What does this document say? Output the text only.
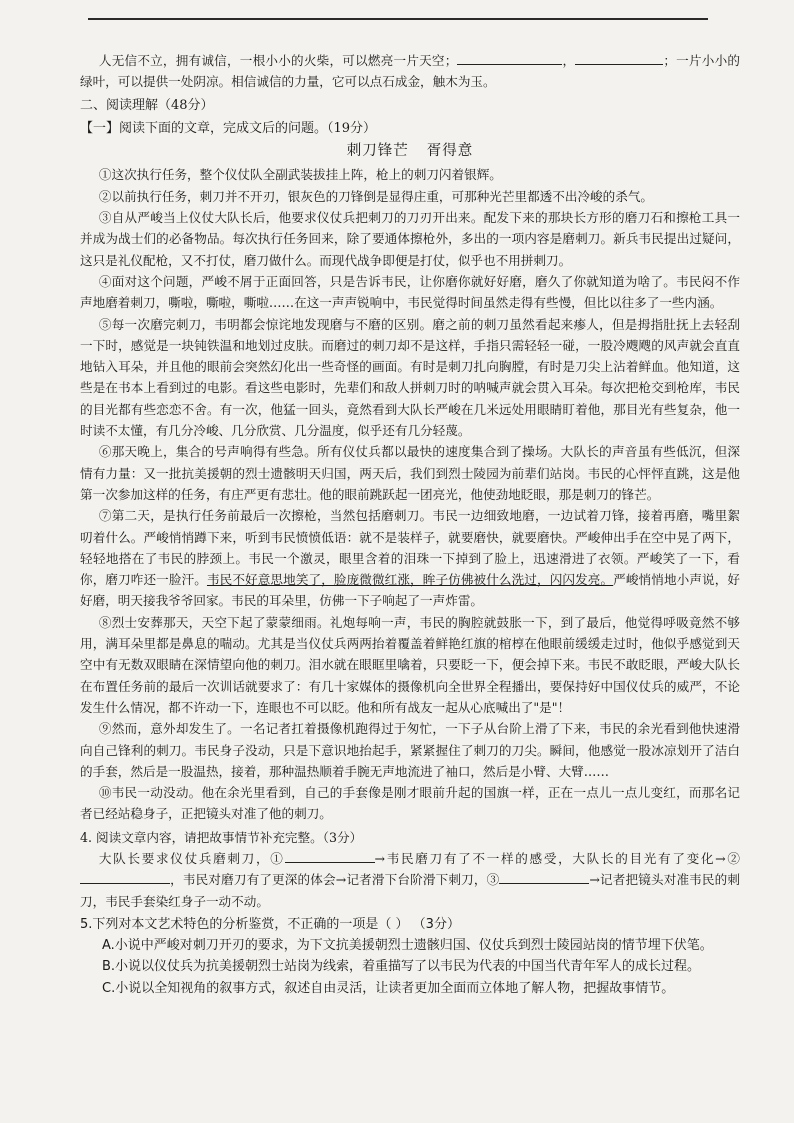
人无信不立，拥有诚信，一根小小的火柴，可以燃亮一片天空；	，	；一片小小的绿叶，可以提供一处阴凉。相信诚信的力量，它可以点石成金，触木为玉。

二、阅读理解（48分）

【一】阅读下面的文章，完成文后的问题。（19分）

刺刀锋芒 胥得意

①这次执行任务，整个仪仗队全副武装拔挂上阵，枪上的刺刀闪着银辉。

②以前执行任务，刺刀并不开刃，银灰色的刀锋倒是显得庄重，可那种光芒里都透不出冷峻的杀气。

③自从严峻当上仪仗大队长后，他要求仪仗兵把刺刀的刀刃开出来。配发下来的那块长方形的磨刀石和擦枪工具一并成为战士们的必备物品。每次执行任务回来，除了要通体擦枪外，多出的一项内容是磨刺刀。新兵韦民提出过疑问，这只是礼仪配枪，又不打仗，磨刀做什么。而现代战争即便是打仗，似乎也不用拼刺刀。

④面对这个问题，严峻不屑于正面回答，只是告诉韦民，让你磨你就好好磨，磨久了你就知道为啥了。韦民闷不作声地磨着刺刀，嘶啦，嘶啦，嘶啦……在这一声声锐响中，韦民觉得时间虽然走得有些慢，但比以往多了一些内涵。

⑤每一次磨完刺刀，韦明都会惊诧地发现磨与不磨的区别。磨之前的刺刀虽然看起来瘆人，但是拇指肚抚上去轻刮一下时，感觉是一块钝铁温和地划过皮肤。而磨过的刺刀却不是这样，手指只需轻轻一碰，一股冷飕飕的风声就会直直地钻入耳朵，并且他的眼前会突然幻化出一些奇怪的画面。有时是刺刀扎向胸膛，有时是刀尖上沾着鲜血。他知道，这些是在书本上看到过的电影。看这些电影时，先辈们和敌人拼刺刀时的呐喊声就会贯入耳朵。每次把枪交到枪库，韦民的目光都有些恋恋不舍。有一次，他猛一回头，竟然看到大队长严峻在几米远处用眼睛盯着他，那目光有些复杂，他一时读不太懂，有几分冷峻、几分欣赏、几分温度，似乎还有几分轻蔑。

⑥那天晚上，集合的号声响得有些急。所有仪仗兵都以最快的速度集合到了操场。大队长的声音虽有些低沉，但深情有力量：又一批抗美援朝的烈士遗骸明天归国，两天后，我们到烈士陵园为前辈们站岗。韦民的心怦怦直跳，这是他第一次参加这样的任务，有庄严更有悲壮。他的眼前跳跃起一团亮光，他使劲地眨眼，那是刺刀的锋芒。

⑦第二天，是执行任务前最后一次擦枪，当然包括磨刺刀。韦民一边细致地磨，一边试着刀锋，接着再磨，嘴里絮叨着什么。严峻悄悄蹲下来，听到韦民愤愤低语：就不是装样子，就要磨快，就要磨快。严峻伸出手在空中晃了两下，轻轻地搭在了韦民的脖颈上。韦民一个激灵，眼里含着的泪珠一下掉到了脸上，迅速滑进了衣领。严峻笑了一下，看你，磨刀咋还一脸汗。韦民不好意思地笑了，脸庞微微红涨，眸子仿佛被什么洗过，闪闪发亮。严峻悄悄地小声说，好好磨，明天接我爷爷回家。韦民的耳朵里，仿佛一下子响起了一声炸雷。

⑧烈士安葬那天，天空下起了蒙蒙细雨。礼炮每响一声，韦民的胸腔就鼓胀一下，到了最后，他觉得呼吸竟然不够用，满耳朵里都是鼻息的喘动。尤其是当仪仗兵两两抬着覆盖着鲜艳红旗的棺椁在他眼前缓缓走过时，他似乎感觉到天空中有无数双眼睛在深情望向他的刺刀。泪水就在眼眶里噙着，只要眨一下，便会掉下来。韦民不敢眨眼，严峻大队长在布置任务前的最后一次训话就要求了：有几十家媒体的摄像机向全世界全程播出，要保持好中国仪仗兵的威严，不论发生什么情况，都不许动一下，连眼也不可以眨。他和所有战友一起从心底喊出了"是"！

⑨然而，意外却发生了。一名记者扛着摄像机跑得过于匆忙，一下子从台阶上滑了下来，韦民的余光看到他快速滑向自己锋利的刺刀。韦民身子没动，只是下意识地抬起手，紧紧握住了刺刀的刀尖。瞬间，他感觉一股冰凉划开了洁白的手套，然后是一股温热，接着，那种温热顺着手腕无声地流进了袖口，然后是小臂、大臂……

⑩韦民一动没动。他在余光里看到，自己的手套像是刚才眼前升起的国旗一样，正在一点儿一点儿变红，而那名记者已经站稳身子，正把镜头对准了他的刺刀。

4. 阅读文章内容，请把故事情节补充完整。（3分）

大队长要求仪仗兵磨刺刀，①	→韦民磨刀有了不一样的感受，大队长的目光有了变化→②，韦民对磨刀有了更深的体会→记者滑下台阶滑下刺刀，③	→记者把镜头对准韦民的刺刀，韦民手套染红身子一动不动。

5.下列对本文艺术特色的分析鉴赏，不正确的一项是（ ） （3分）

A.小说中严峻对刺刀开刃的要求，为下文抗美援朝烈士遗骸归国、仪仗兵到烈士陵园站岗的情节埋下伏笔。

B.小说以仪仗兵为抗美援朝烈士站岗为线索，着重描写了以韦民为代表的中国当代青年军人的成长过程。

C.小说以全知视角的叙事方式，叙述自由灵活，让读者更加全面而立体地了解人物，把握故事情节。
